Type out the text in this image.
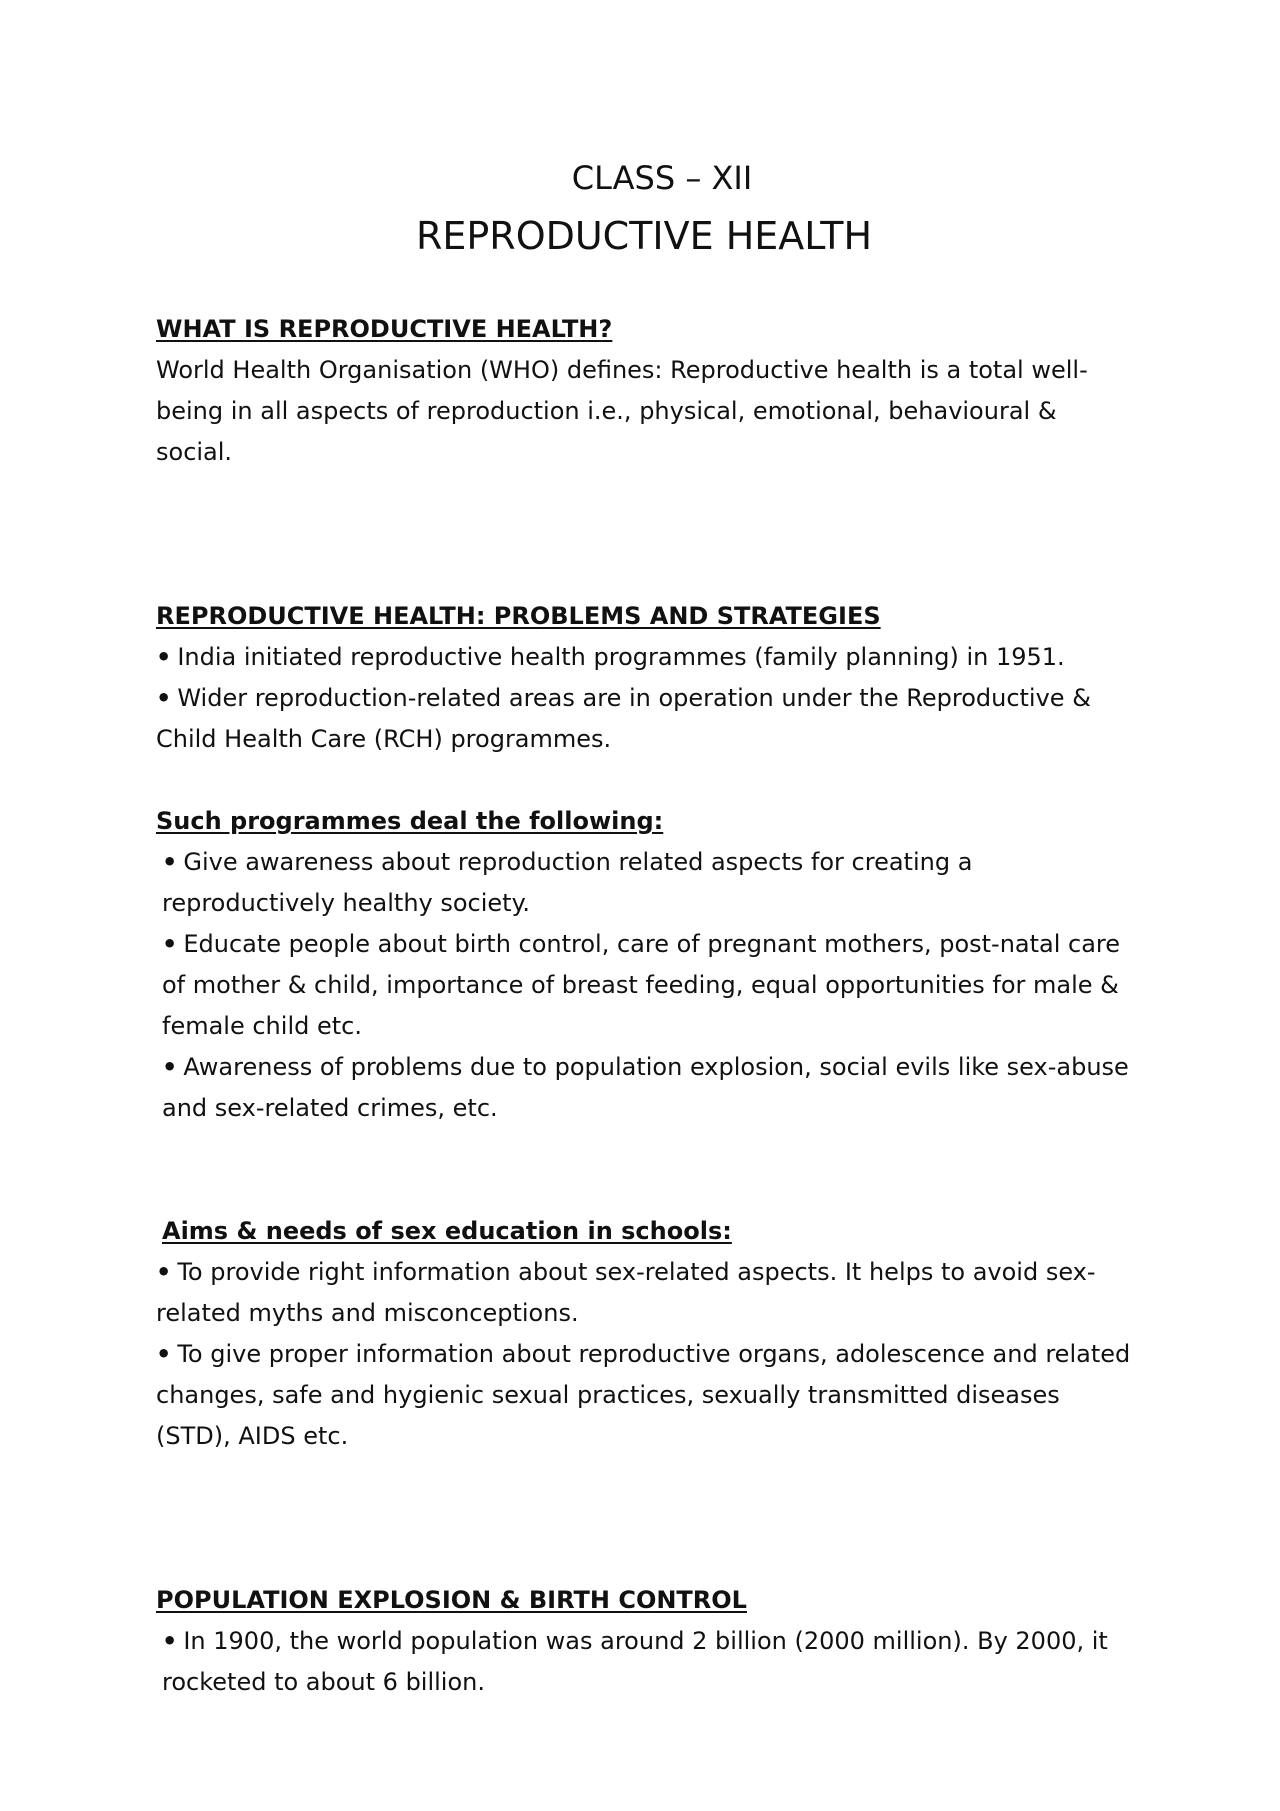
CLASS – XII
REPRODUCTIVE HEALTH

WHAT IS REPRODUCTIVE HEALTH?

World Health Organisation (WHO) defines: Reproductive health is a total well-being in all aspects of reproduction i.e., physical, emotional, behavioural & social.

REPRODUCTIVE HEALTH: PROBLEMS AND STRATEGIES

• India initiated reproductive health programmes (family planning) in 1951.

• Wider reproduction-related areas are in operation under the Reproductive & Child Health Care (RCH) programmes.

Such programmes deal the following:

• Give awareness about reproduction related aspects for creating a reproductively healthy society.

• Educate people about birth control, care of pregnant mothers, post-natal care of mother & child, importance of breast feeding, equal opportunities for male & female child etc.

• Awareness of problems due to population explosion, social evils like sex-abuse and sex-related crimes, etc.

Aims & needs of sex education in schools:

• To provide right information about sex-related aspects. It helps to avoid sex-related myths and misconceptions.

• To give proper information about reproductive organs, adolescence and related changes, safe and hygienic sexual practices, sexually transmitted diseases (STD), AIDS etc.

POPULATION EXPLOSION & BIRTH CONTROL

• In 1900, the world population was around 2 billion (2000 million). By 2000, it rocketed to about 6 billion.
